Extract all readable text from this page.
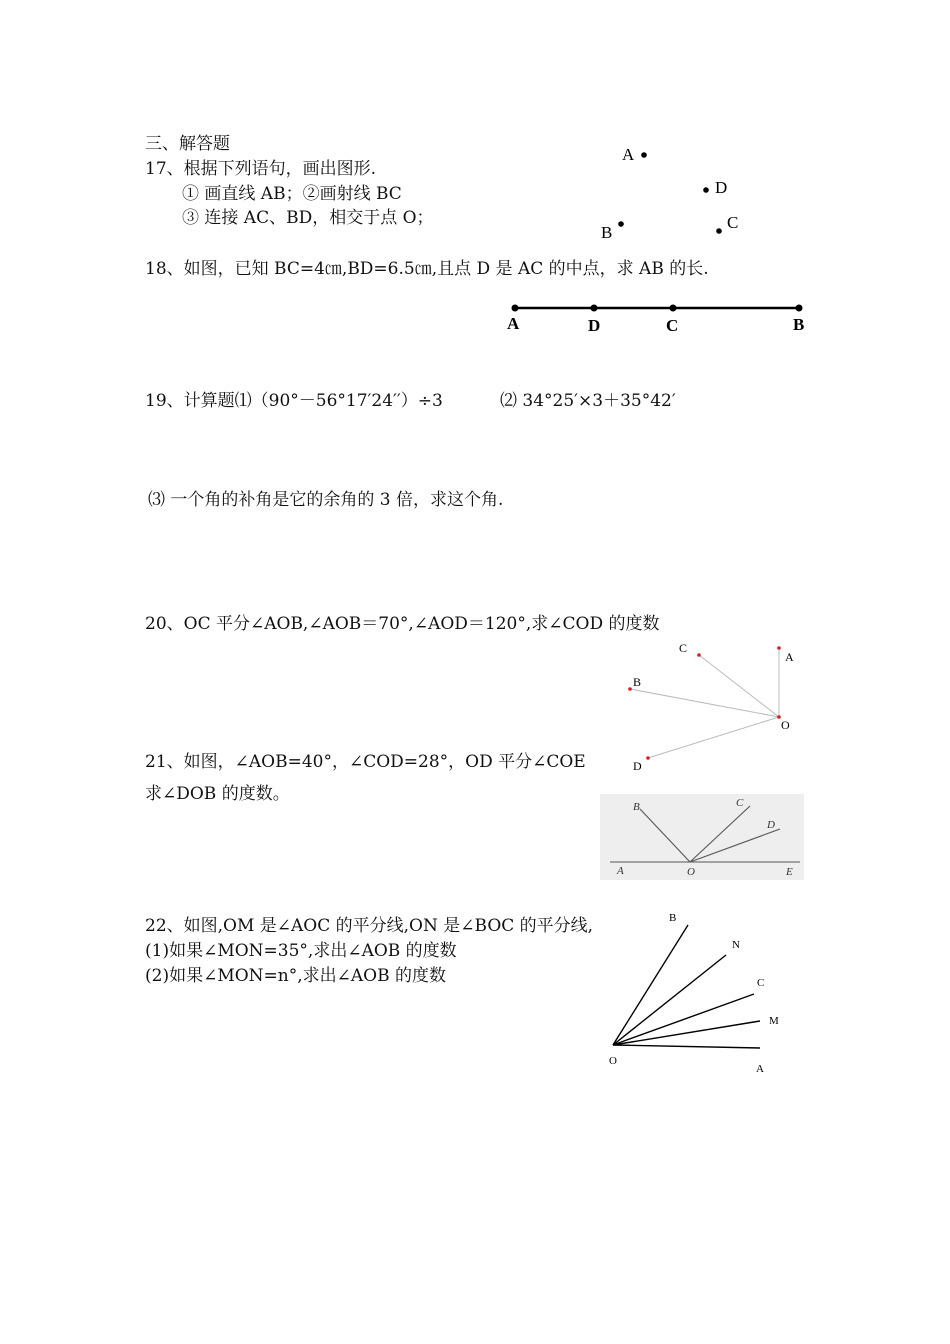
三、解答题
17、根据下列语句，画出图形.
① 画直线 AB；②画射线 BC
③ 连接 AC、BD，相交于点 O；
A
D
B
C
18、如图，已知 BC=4㎝,BD=6.5㎝,且点 D 是 AC 的中点，求 AB 的长.
A	D	C	B
19、计算题⑴（90°－56°17′24′′）÷3	⑵ 34°25′×3＋35°42′
⑶ 一个角的补角是它的余角的 3 倍，求这个角.
20、OC 平分∠AOB,∠AOB＝70°,∠AOD＝120°,求∠COD 的度数
C
A
B
O
D
21、如图，∠AOB=40°，∠COD=28°，OD 平分∠COE
求∠DOB 的度数。
B	C
D
A	O	E
22、如图,OM 是∠AOC 的平分线,ON 是∠BOC 的平分线,
(1)如果∠MON=35°,求出∠AOB 的度数
(2)如果∠MON=n°,求出∠AOB 的度数
B
N
C
M
O
A
